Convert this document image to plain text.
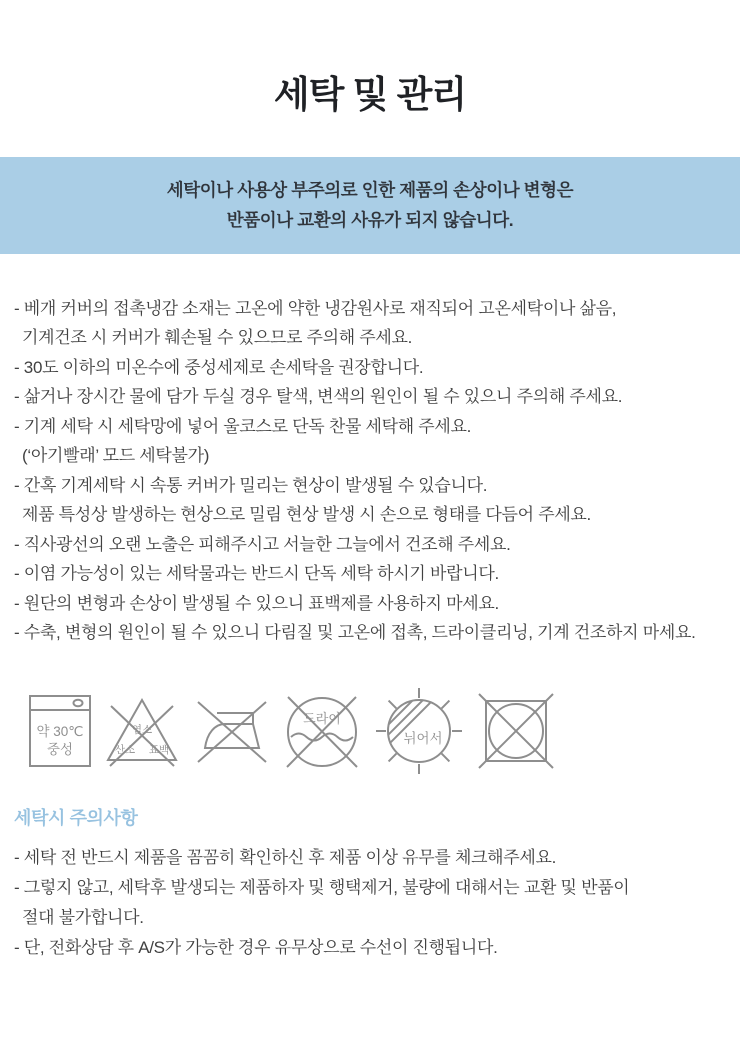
세탁 및 관리

세탁이나 사용상 부주의로 인한 제품의 손상이나 변형은

반품이나 교환의 사유가 되지 않습니다.

- 베개 커버의 접촉냉감 소재는 고온에 약한 냉감원사로 재직되어 고온세탁이나 삶음,

기계건조 시 커버가 훼손될 수 있으므로 주의해 주세요.

- 30도 이하의 미온수에 중성세제로 손세탁을 권장합니다.

- 삶거나 장시간 물에 담가 두실 경우 탈색, 변색의 원인이 될 수 있으니 주의해 주세요.

- 기계 세탁 시 세탁망에 넣어 울코스로 단독 찬물 세탁해 주세요.

(‘아기빨래’ 모드 세탁불가)

- 간혹 기계세탁 시 속통 커버가 밀리는 현상이 발생될 수 있습니다.

제품 특성상 발생하는 현상으로 밀림 현상 발생 시 손으로 형태를 다듬어 주세요.

- 직사광선의 오랜 노출은 피해주시고 서늘한 그늘에서 건조해 주세요.

- 이염 가능성이 있는 세탁물과는 반드시 단독 세탁 하시기 바랍니다.

- 원단의 변형과 손상이 발생될 수 있으니 표백제를 사용하지 마세요.

- 수축, 변형의 원인이 될 수 있으니 다림질 및 고온에 접촉, 드라이클리닝, 기계 건조하지 마세요.

약 30℃
중성
염소
산소 표백
드라이
뉘어서
세탁시 주의사항

- 세탁 전 반드시 제품을 꼼꼼히 확인하신 후 제품 이상 유무를 체크해주세요.

- 그렇지 않고, 세탁후 발생되는 제품하자 및 행택제거, 불량에 대해서는 교환 및 반품이

절대 불가합니다.

- 단, 전화상담 후 A/S가 가능한 경우 유무상으로 수선이 진행됩니다.
